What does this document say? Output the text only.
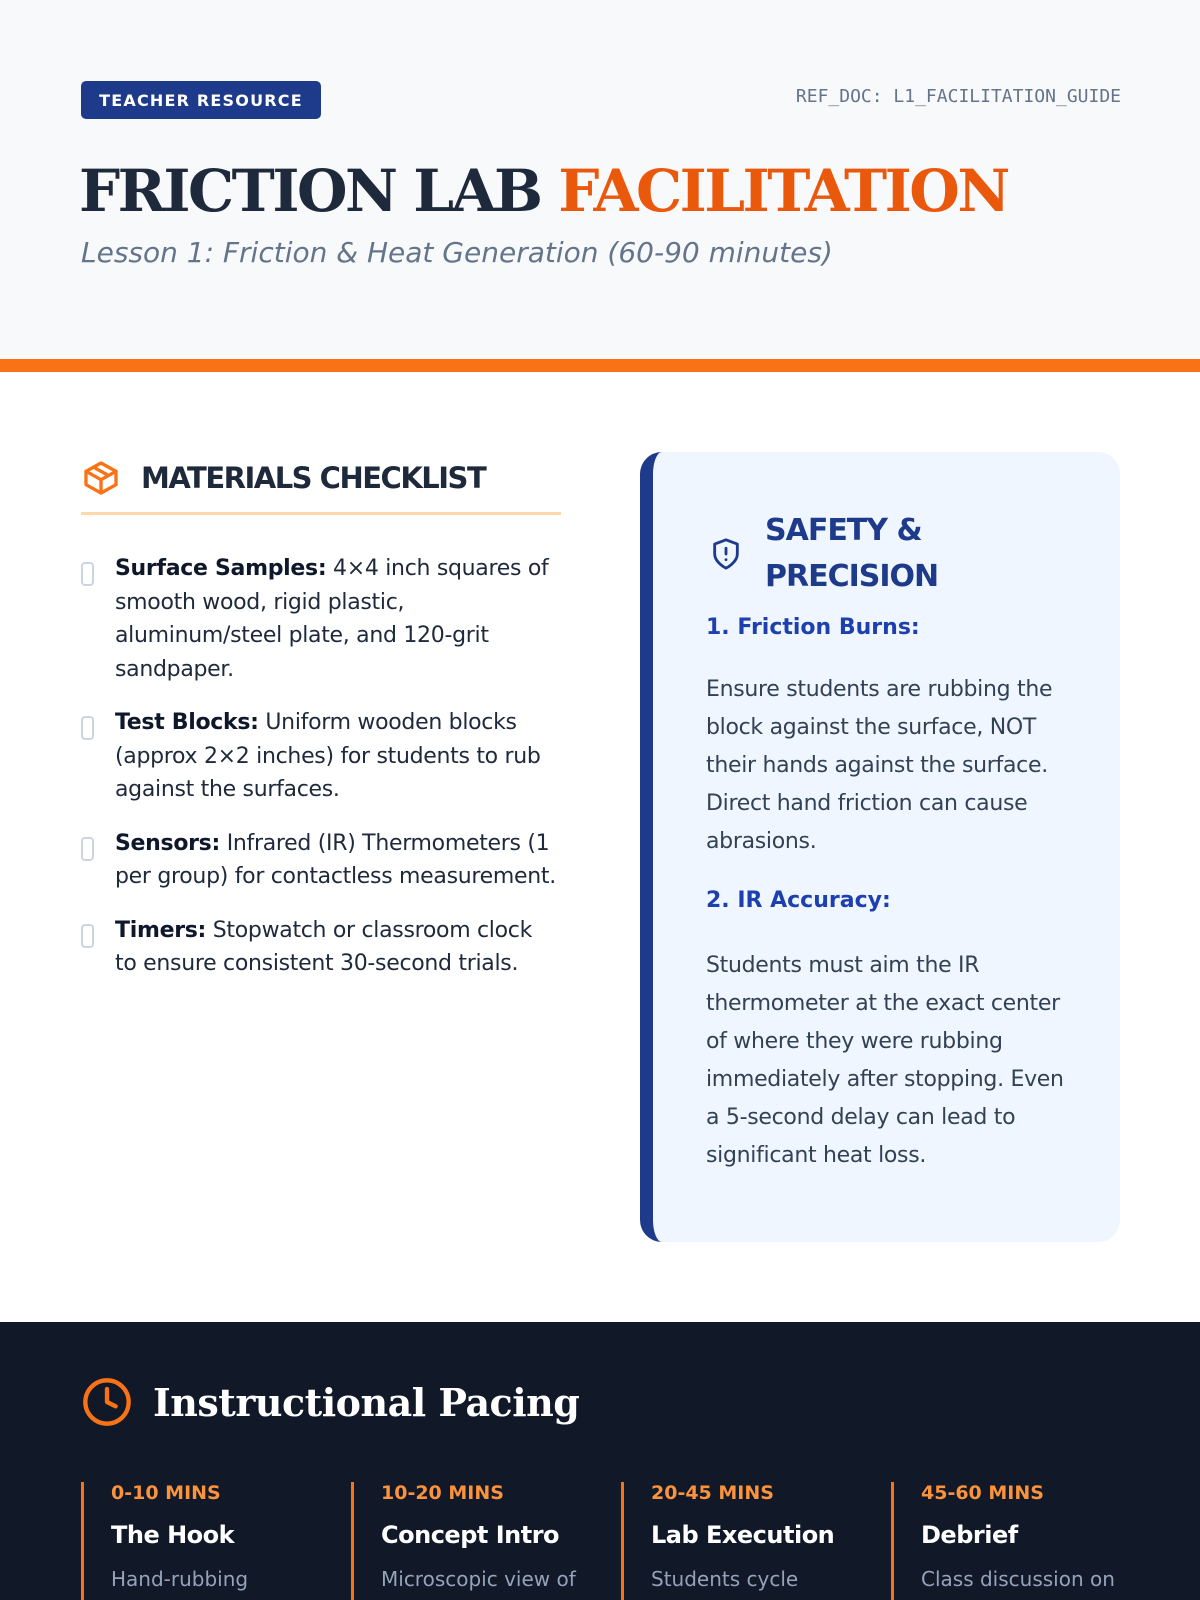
TEACHER RESOURCE	REF_DOC: L1_FACILITATION_GUIDE
FRICTION LAB FACILITATION
Lesson 1: Friction & Heat Generation (60-90 minutes)
MATERIALS CHECKLIST
Surface Samples: 4×4 inch squares of smooth wood, rigid plastic, aluminum/steel plate, and 120-grit sandpaper.
Test Blocks: Uniform wooden blocks (approx 2×2 inches) for students to rub against the surfaces.
Sensors: Infrared (IR) Thermometers (1 per group) for contactless measurement.
Timers: Stopwatch or classroom clock to ensure consistent 30-second trials.
SAFETY & PRECISION
1. Friction Burns:

Ensure students are rubbing the block against the surface, NOT their hands against the surface. Direct hand friction can cause abrasions.

2. IR Accuracy:

Students must aim the IR thermometer at the exact center of where they were rubbing immediately after stopping. Even a 5-second delay can lead to significant heat loss.

Instructional Pacing
0-10 MINS
The Hook
Hand-rubbing
10-20 MINS
Concept Intro
Microscopic view of
20-45 MINS
Lab Execution
Students cycle
45-60 MINS
Debrief
Class discussion on
